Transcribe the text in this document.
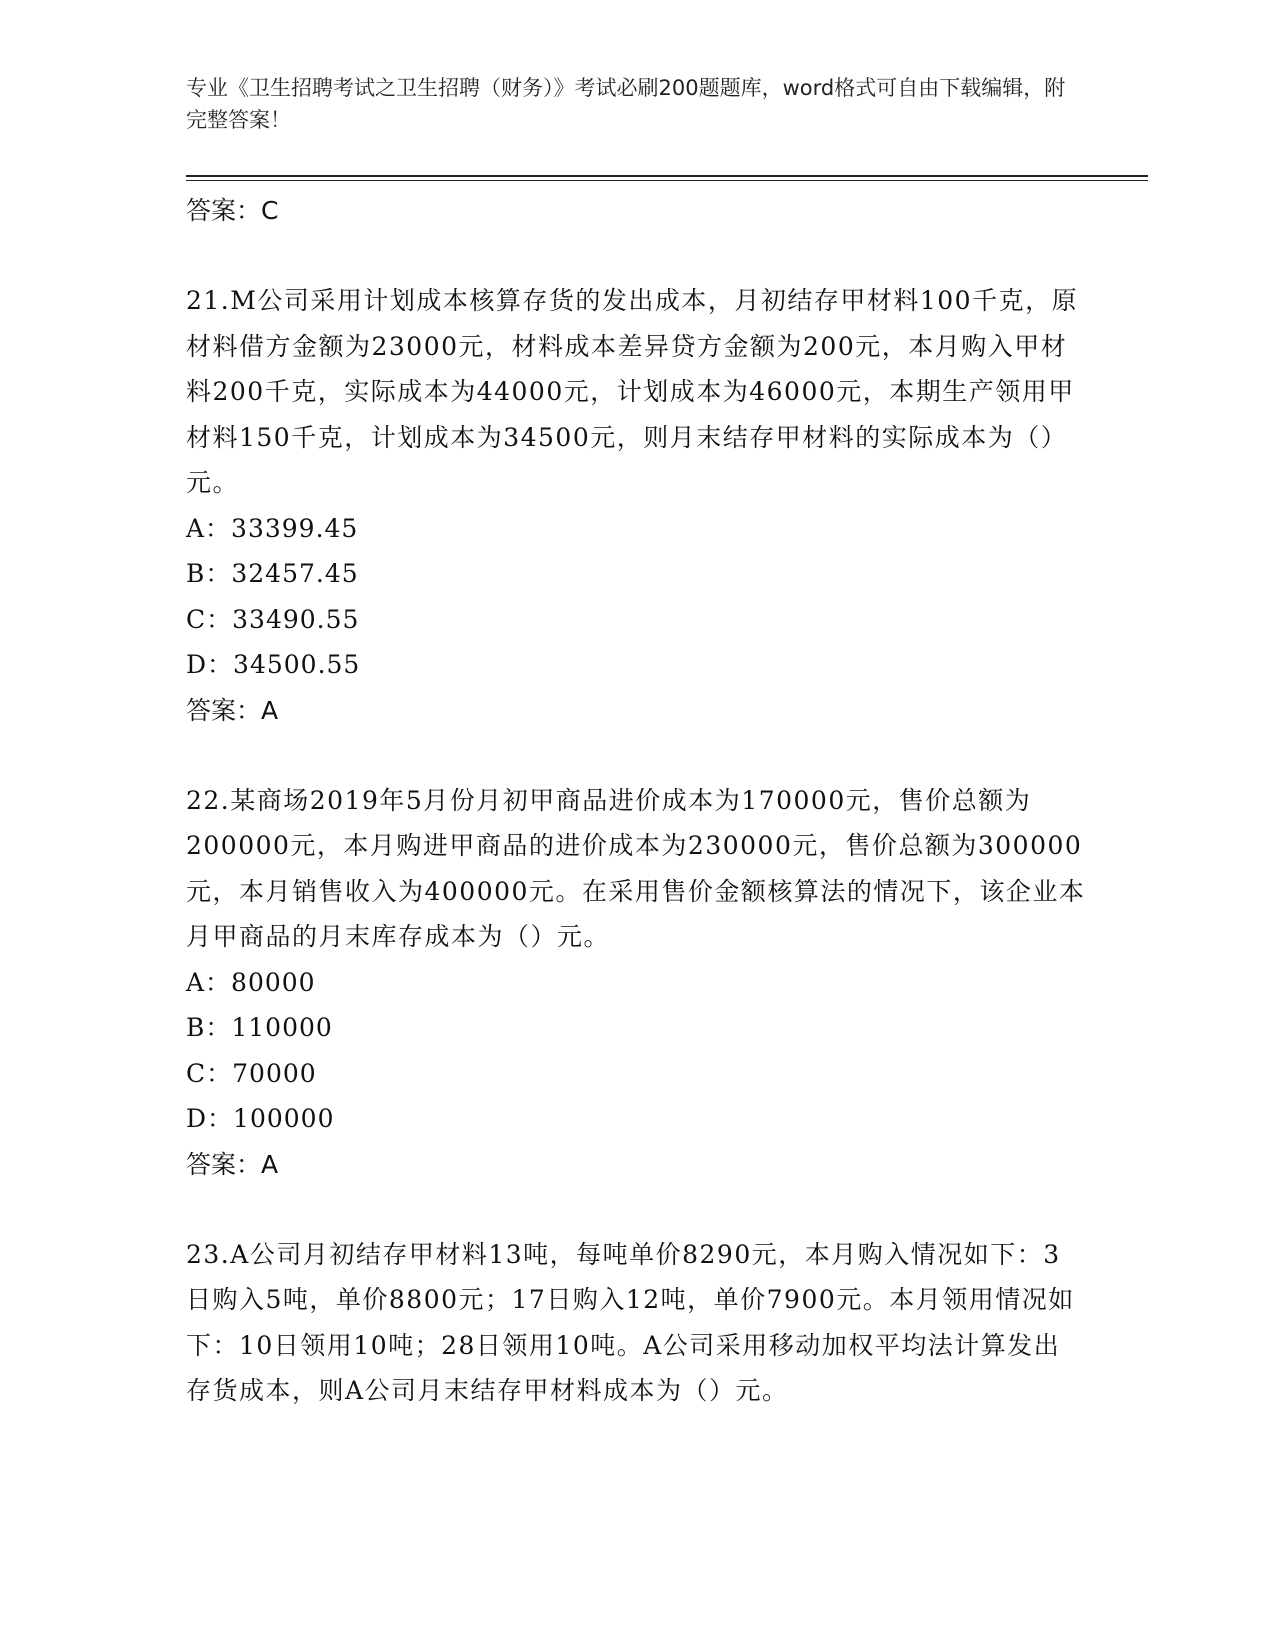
专业《卫生招聘考试之卫生招聘（财务）》考试必刷200题题库，word格式可自由下载编辑，附完整答案！
答案：C

21.M公司采用计划成本核算存货的发出成本，月初结存甲材料100千克，原材料借方金额为23000元，材料成本差异贷方金额为200元，本月购入甲材料200千克，实际成本为44000元，计划成本为46000元，本期生产领用甲材料150千克，计划成本为34500元，则月末结存甲材料的实际成本为（）元。

A：33399.45
B：32457.45
C：33490.55
D：34500.55
答案：A

22.某商场2019年5月份月初甲商品进价成本为170000元，售价总额为200000元，本月购进甲商品的进价成本为230000元，售价总额为300000元，本月销售收入为400000元。在采用售价金额核算法的情况下，该企业本月甲商品的月末库存成本为（）元。

A：80000
B：110000
C：70000
D：100000
答案：A

23.A公司月初结存甲材料13吨，每吨单价8290元，本月购入情况如下：3日购入5吨，单价8800元；17日购入12吨，单价7900元。本月领用情况如下：10日领用10吨；28日领用10吨。A公司采用移动加权平均法计算发出存货成本，则A公司月末结存甲材料成本为（）元。
